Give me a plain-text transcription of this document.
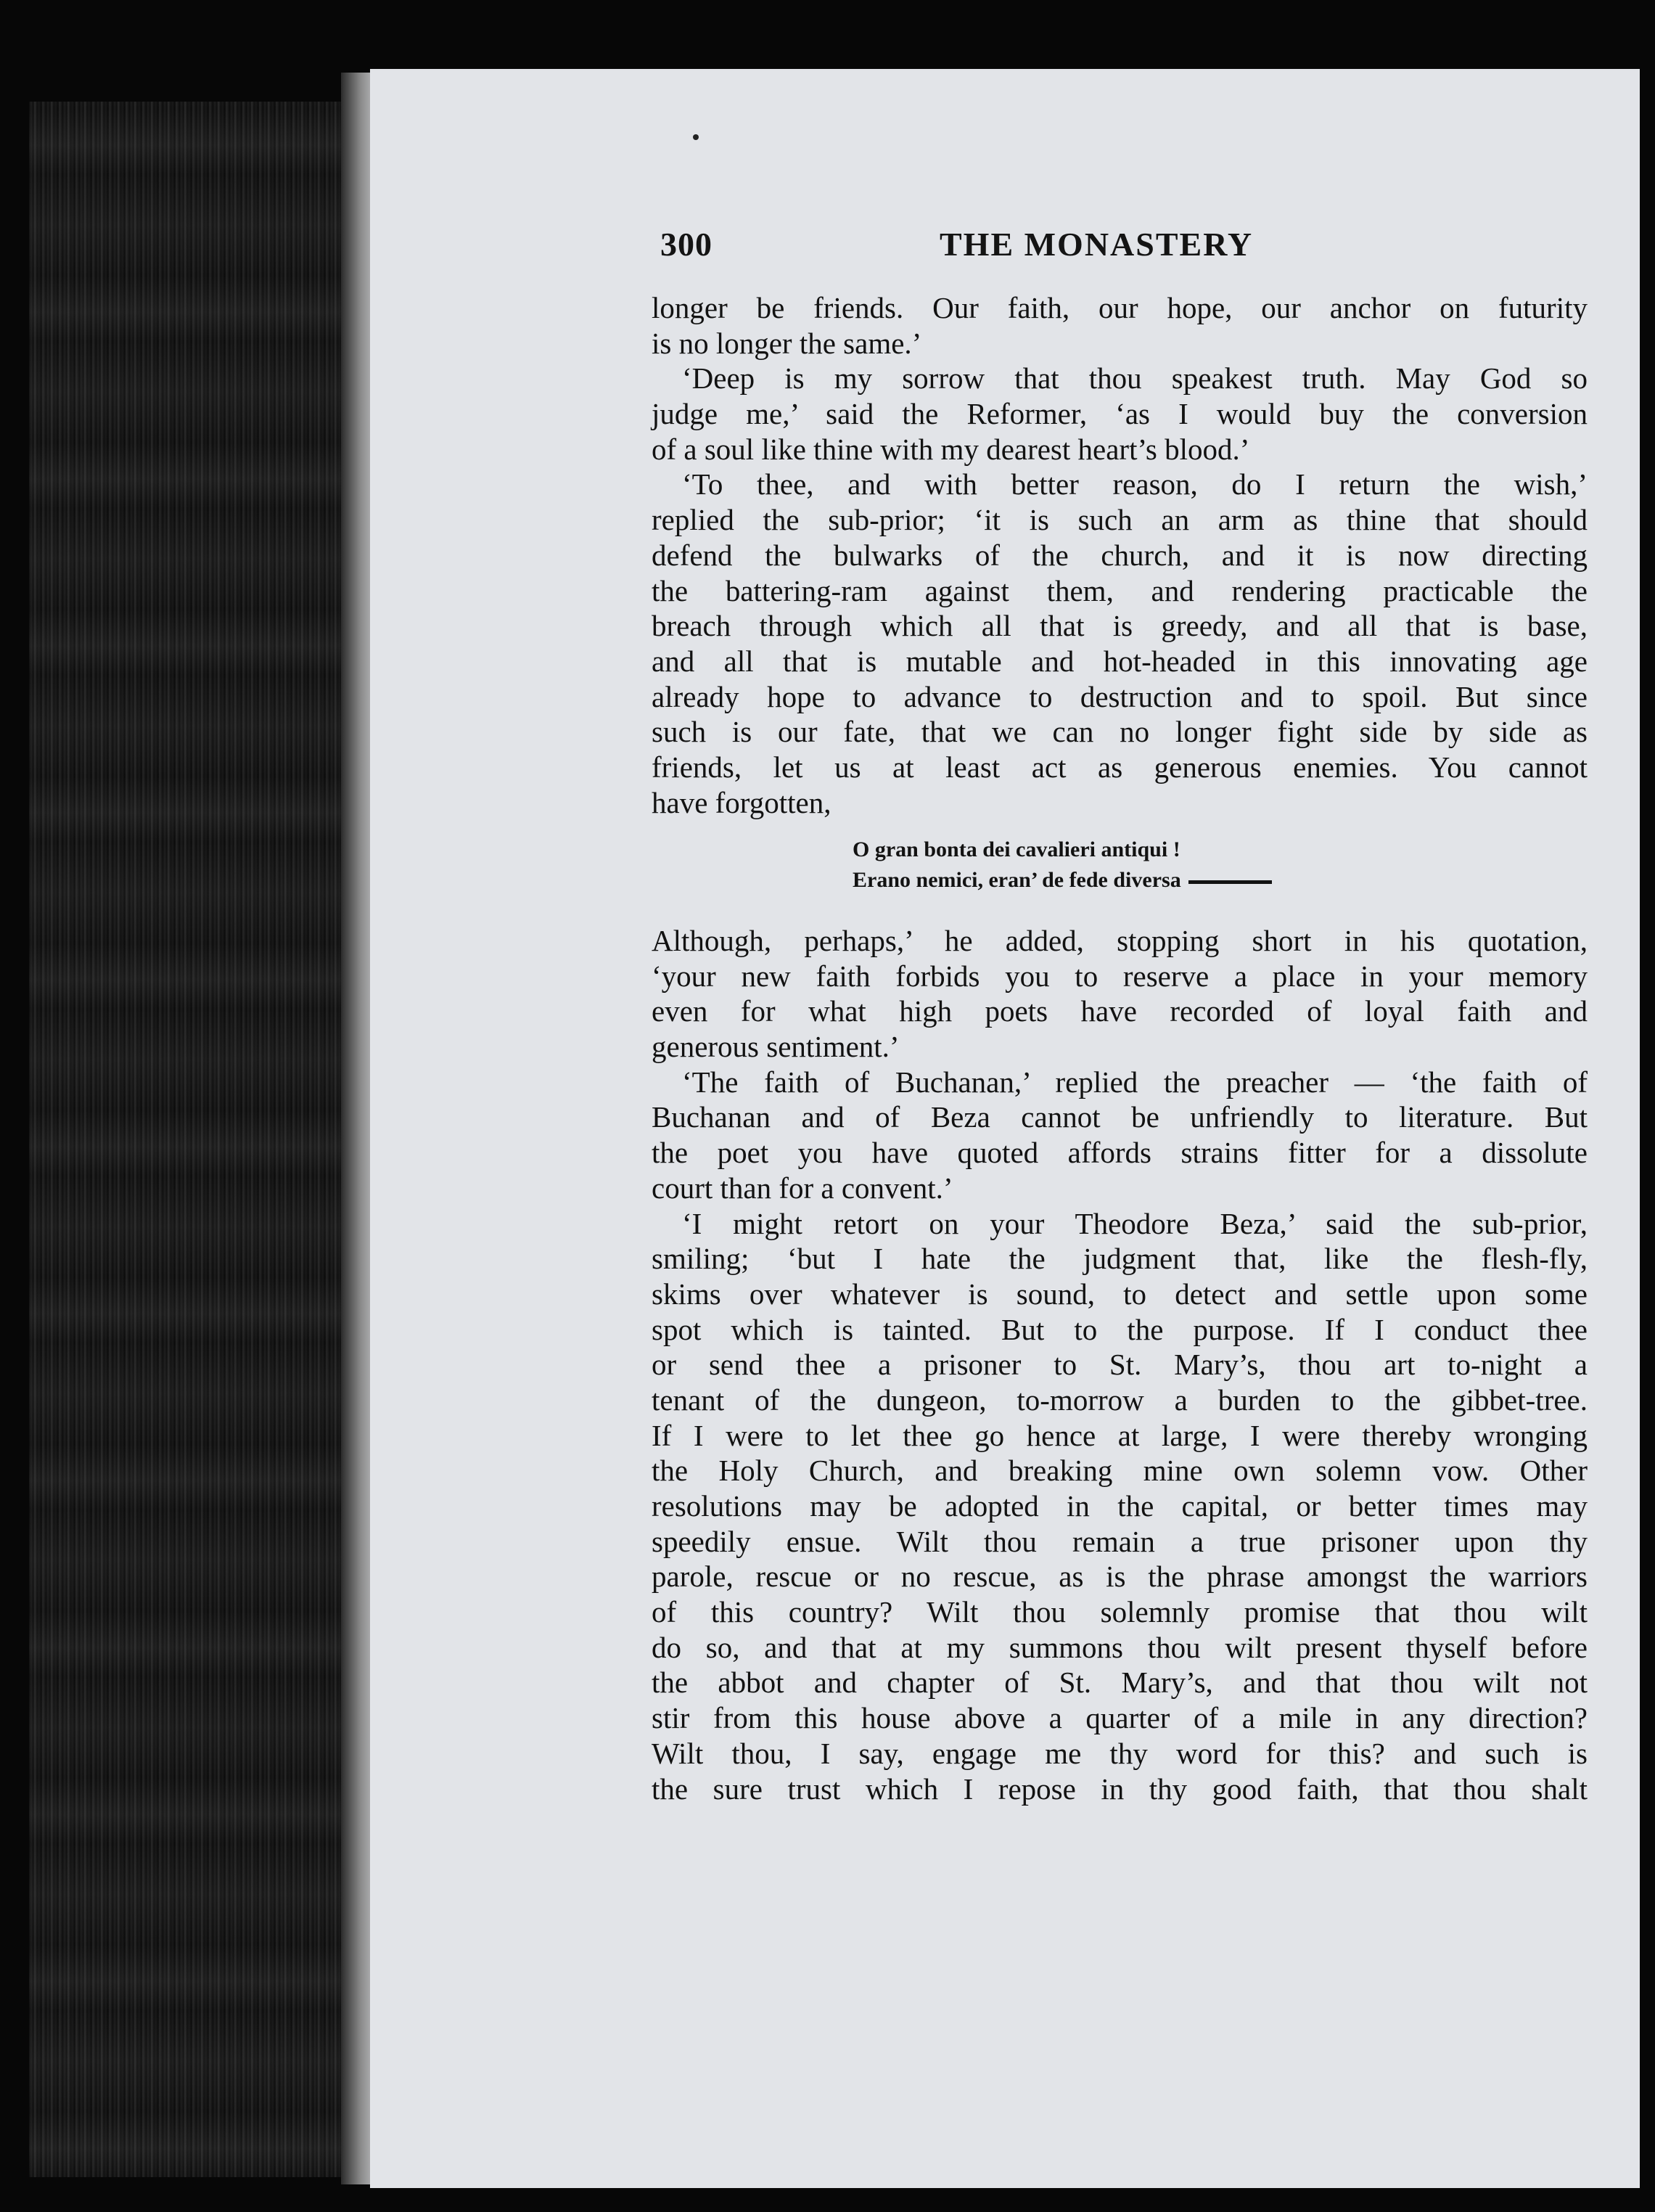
300	THE MONASTERY
longer be friends. Our faith, our hope, our anchor on futurity
is no longer the same.’
‘Deep is my sorrow that thou speakest truth. May God so
judge me,’ said the Reformer, ‘as I would buy the conversion
of a soul like thine with my dearest heart’s blood.’
‘To thee, and with better reason, do I return the wish,’
replied the sub-prior; ‘it is such an arm as thine that should
defend the bulwarks of the church, and it is now directing
the battering-ram against them, and rendering practicable the
breach through which all that is greedy, and all that is base,
and all that is mutable and hot-headed in this innovating age
already hope to advance to destruction and to spoil. But since
such is our fate, that we can no longer fight side by side as
friends, let us at least act as generous enemies. You cannot
have forgotten,
O gran bonta dei cavalieri antiqui !
Erano nemici, eran’ de fede diversa
Although, perhaps,’ he added, stopping short in his quotation,
‘your new faith forbids you to reserve a place in your memory
even for what high poets have recorded of loyal faith and
generous sentiment.’
‘The faith of Buchanan,’ replied the preacher — ‘the faith of
Buchanan and of Beza cannot be unfriendly to literature. But
the poet you have quoted affords strains fitter for a dissolute
court than for a convent.’
‘I might retort on your Theodore Beza,’ said the sub-prior,
smiling; ‘but I hate the judgment that, like the flesh-fly,
skims over whatever is sound, to detect and settle upon some
spot which is tainted. But to the purpose. If I conduct thee
or send thee a prisoner to St. Mary’s, thou art to-night a
tenant of the dungeon, to-morrow a burden to the gibbet-tree.
If I were to let thee go hence at large, I were thereby wronging
the Holy Church, and breaking mine own solemn vow. Other
resolutions may be adopted in the capital, or better times may
speedily ensue. Wilt thou remain a true prisoner upon thy
parole, rescue or no rescue, as is the phrase amongst the warriors
of this country? Wilt thou solemnly promise that thou wilt
do so, and that at my summons thou wilt present thyself before
the abbot and chapter of St. Mary’s, and that thou wilt not
stir from this house above a quarter of a mile in any direction?
Wilt thou, I say, engage me thy word for this? and such is
the sure trust which I repose in thy good faith, that thou shalt
